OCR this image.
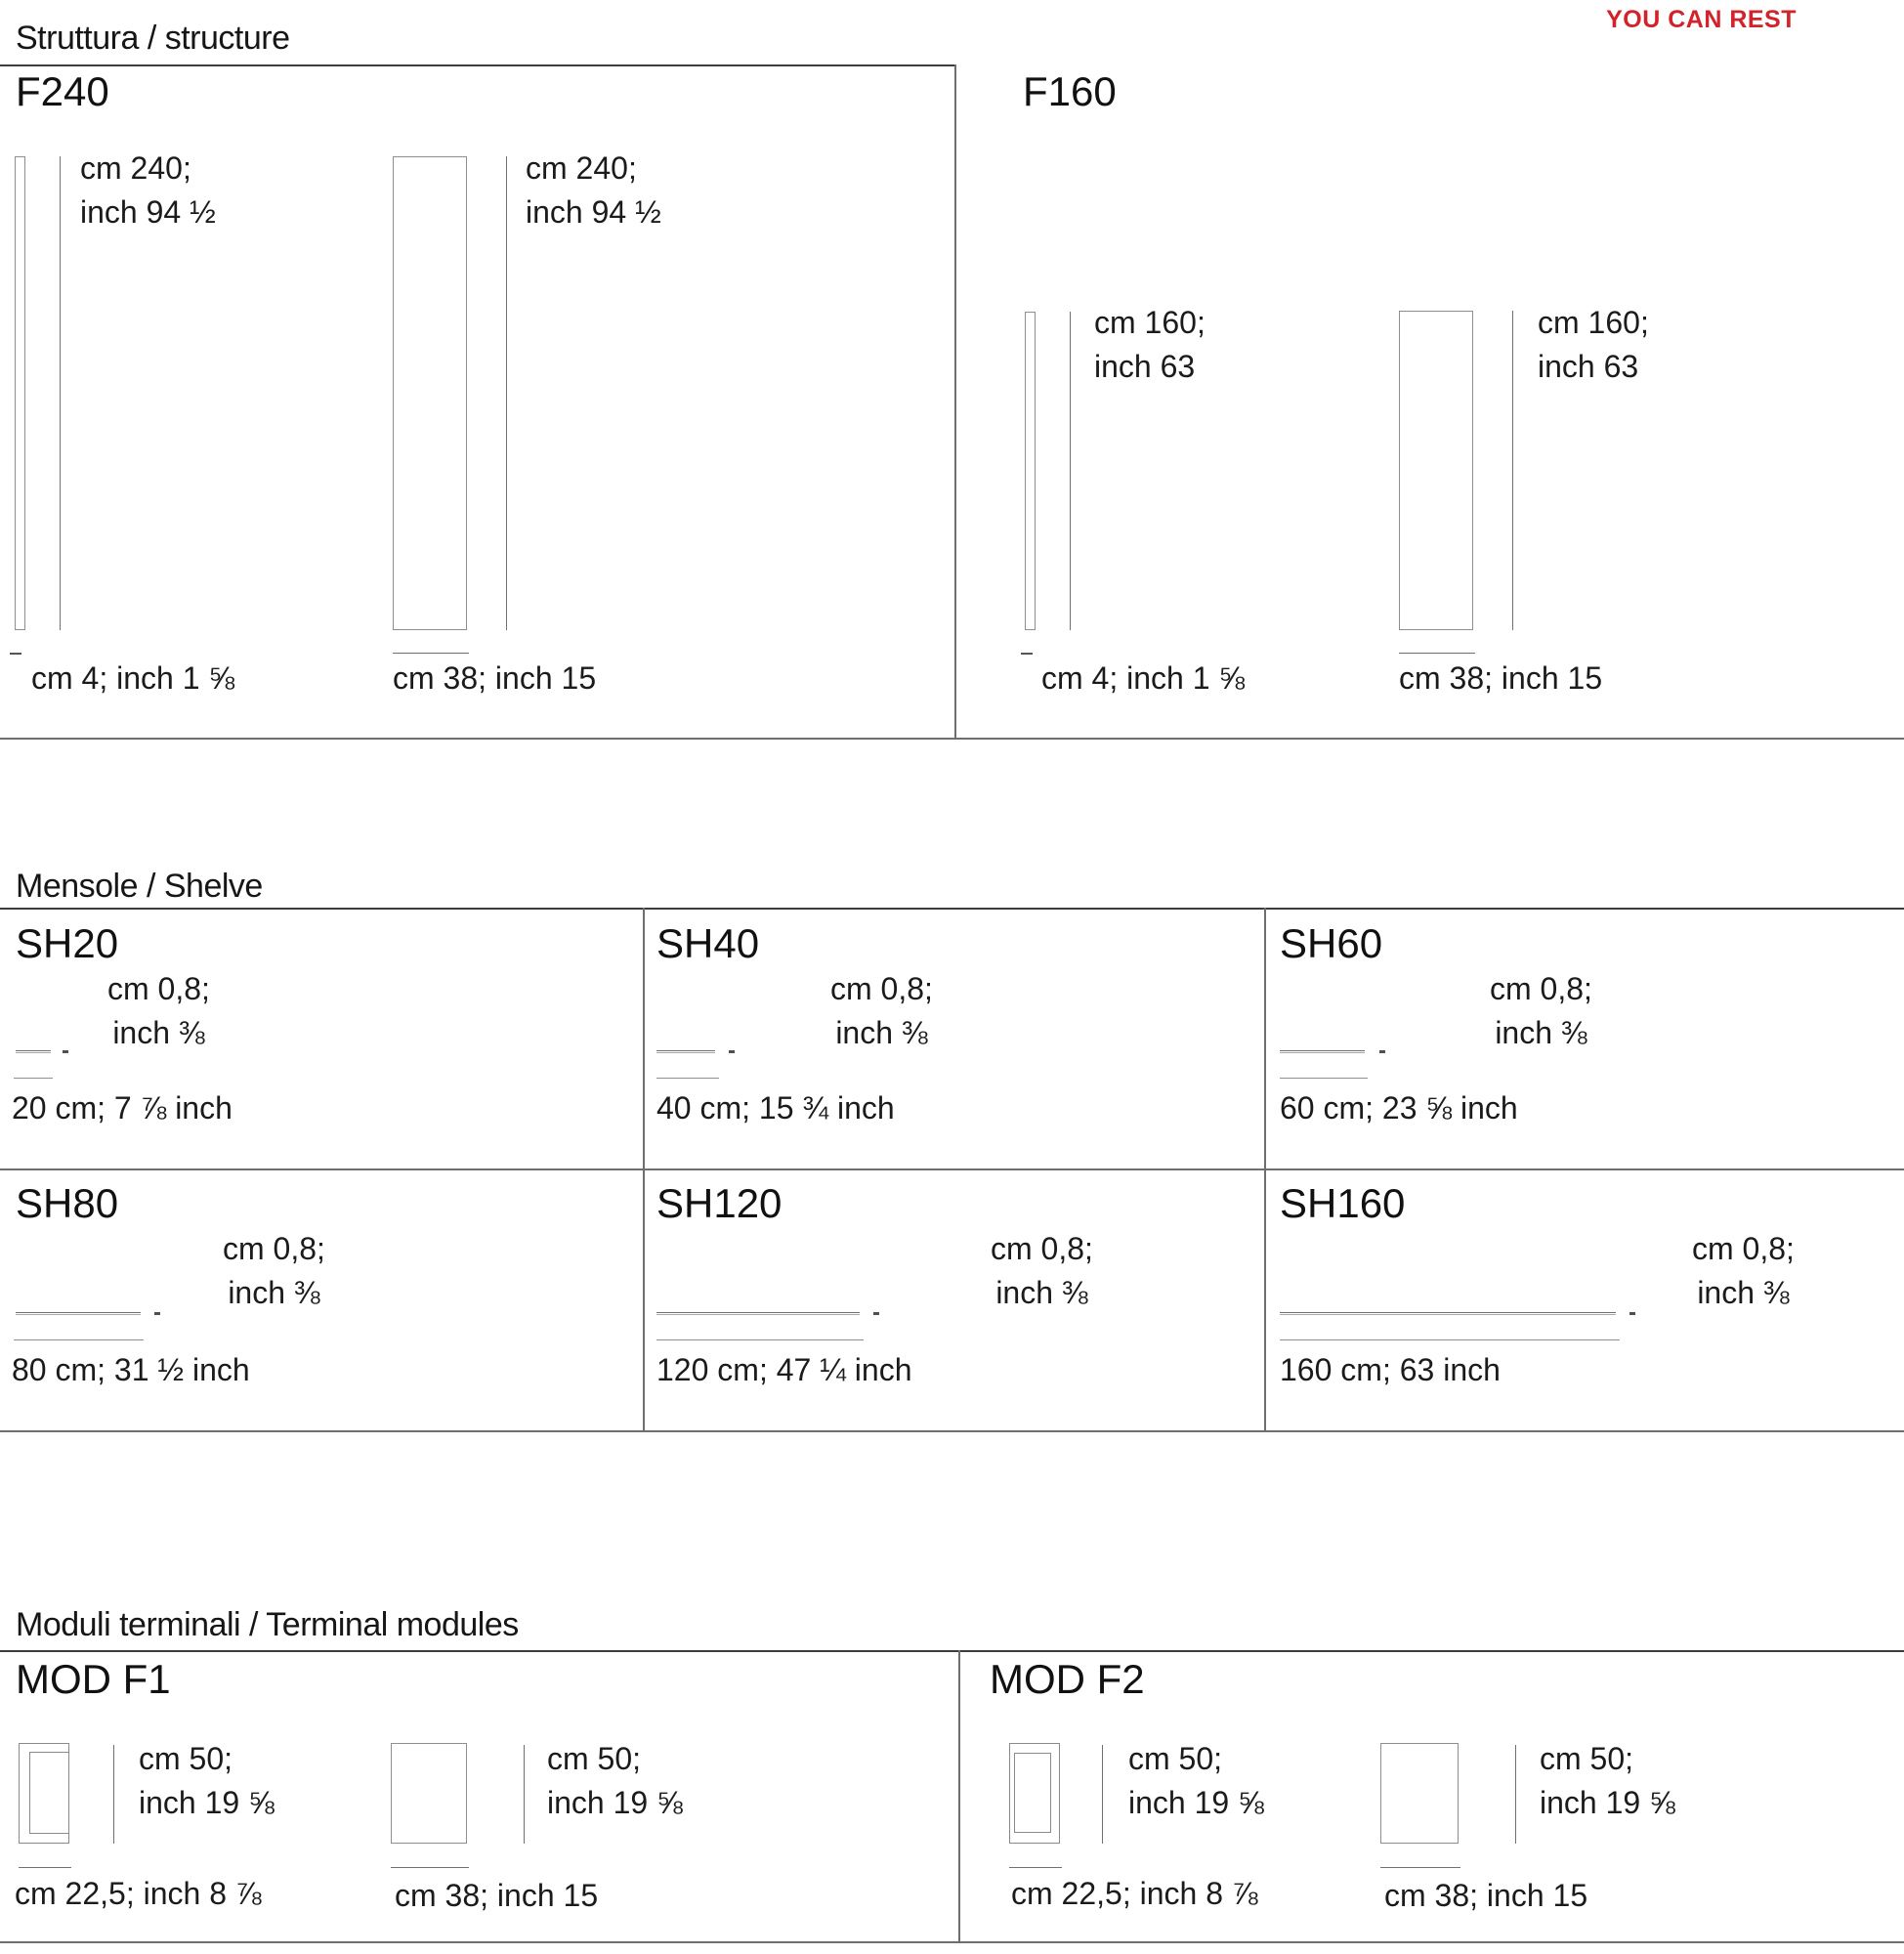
YOU CAN REST
Struttura / structure
F240
cm 240;
inch 94 ½
cm 240;
inch 94 ½
cm 4; inch 1 ⅝	cm 38; inch 15
F160
cm 160;
inch 63
cm 160;
inch 63
cm 4; inch 1 ⅝	cm 38; inch 15
Mensole / Shelve
SH20
cm 0,8;
inch ⅜
20 cm; 7 ⅞ inch
SH40
cm 0,8;
inch ⅜
40 cm; 15 ¾ inch
SH60
cm 0,8;
inch ⅜
60 cm; 23 ⅝ inch
SH80
cm 0,8;
inch ⅜
80 cm; 31 ½ inch
SH120
cm 0,8;
inch ⅜
120 cm; 47 ¼ inch
SH160
cm 0,8;
inch ⅜
160 cm; 63 inch
Moduli terminali / Terminal modules
MOD F1
cm 50;
inch 19 ⅝
cm 50;
inch 19 ⅝
cm 22,5; inch 8 ⅞	cm 38; inch 15
MOD F2
cm 50;
inch 19 ⅝
cm 50;
inch 19 ⅝
cm 22,5; inch 8 ⅞	cm 38; inch 15
